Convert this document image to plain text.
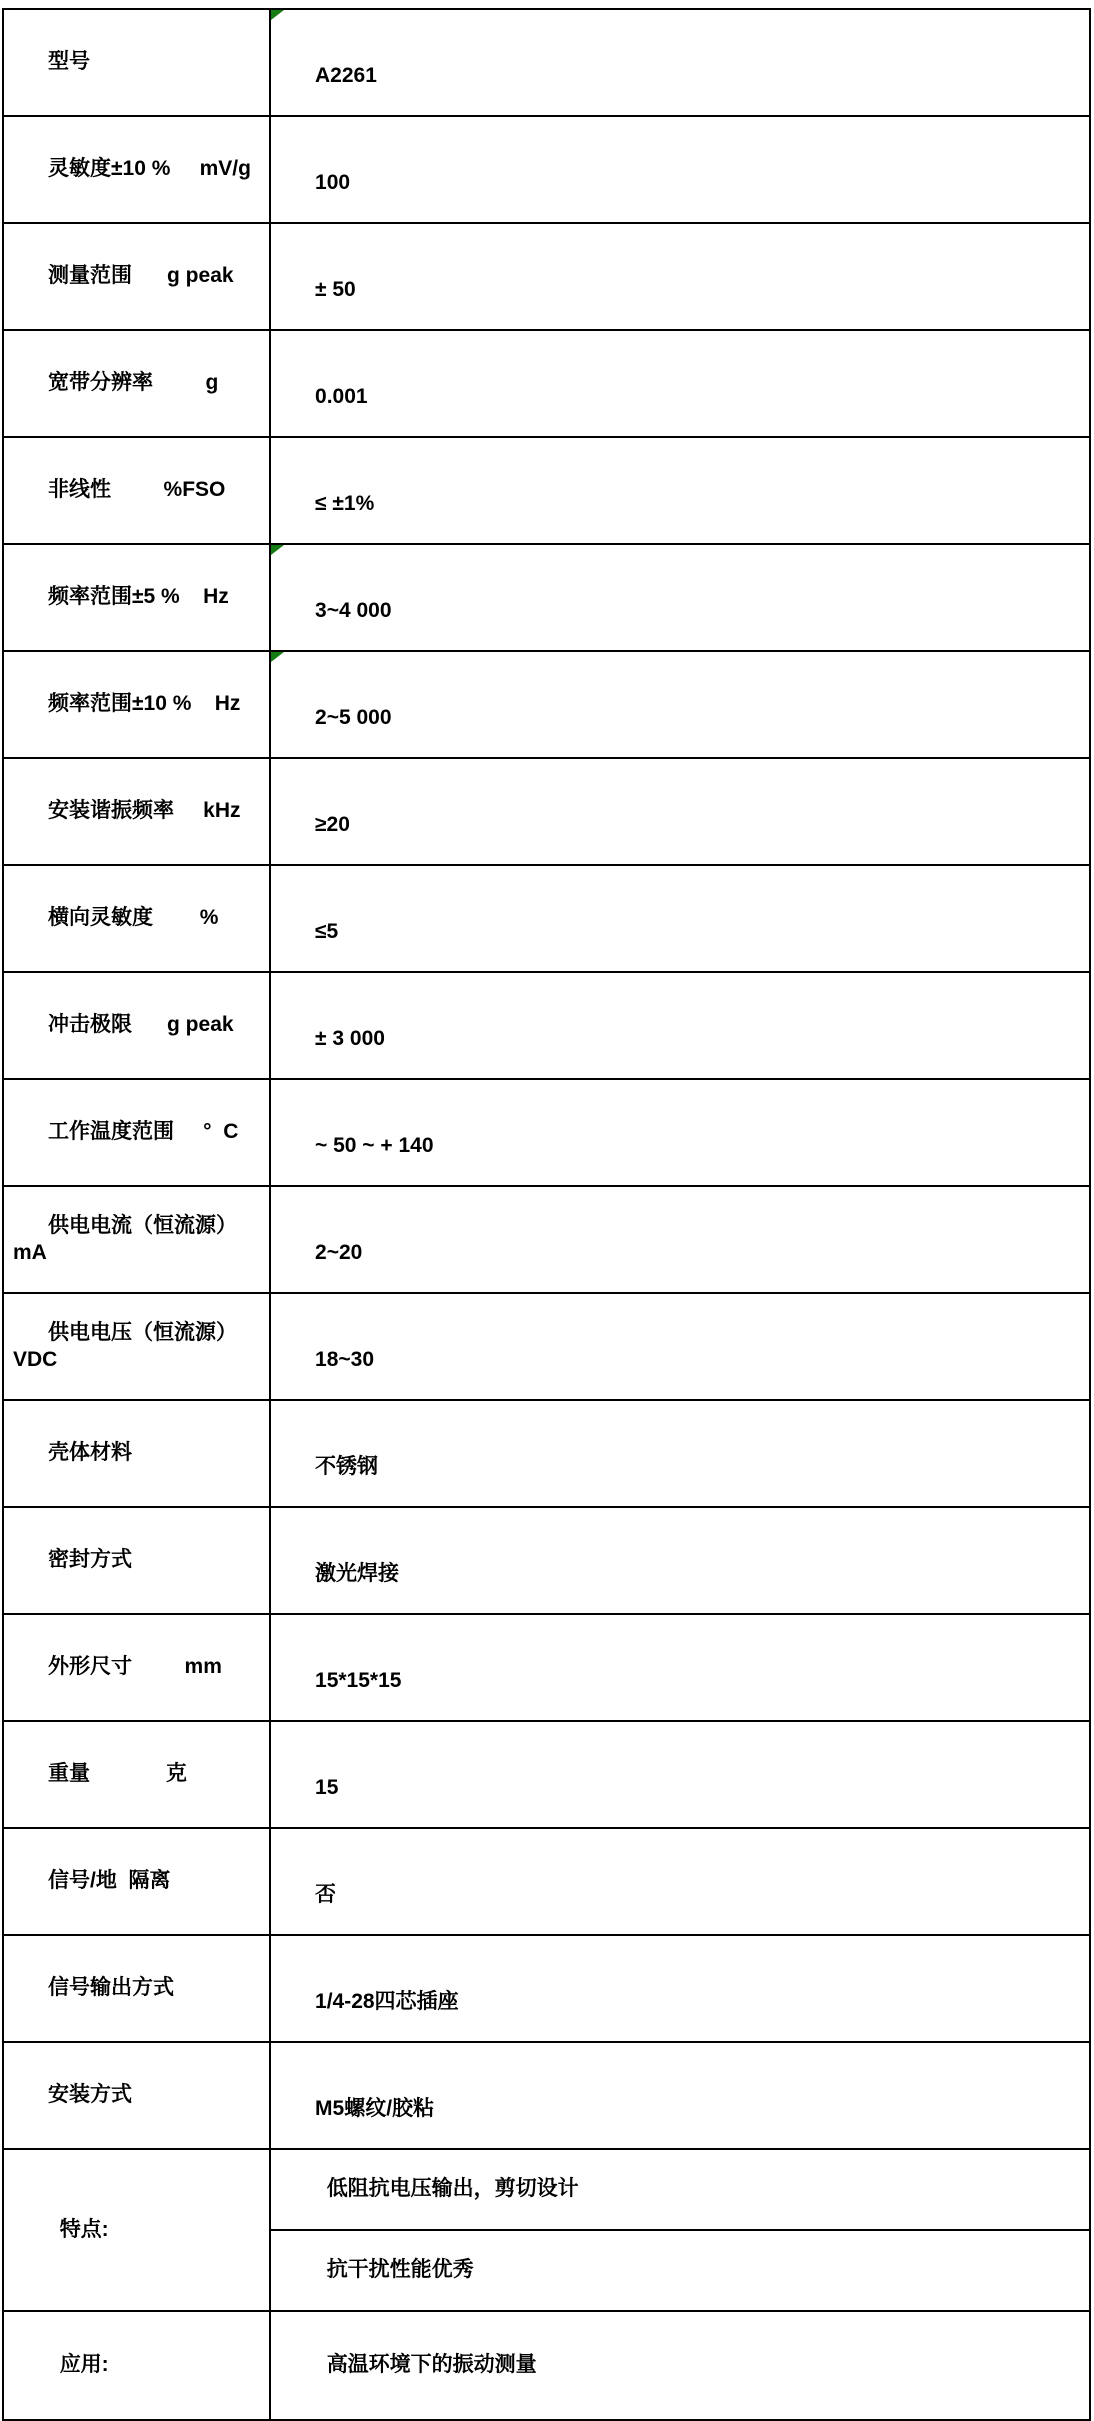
型号	A2261

灵敏度±10 %     mV/g	100

测量范围      g peak	± 50

宽带分辨率         g	0.001

非线性         %FSO	≤ ±1%

频率范围±5 %    Hz	3~4 000

频率范围±10 %    Hz	2~5 000

安装谐振频率     kHz	≥20

横向灵敏度        %	≤5

冲击极限      g peak	± 3 000

工作温度范围     °  C	~ 50 ~ + 140

供电电流（恒流源） mA	2~20

供电电压（恒流源）VDC	18~30

壳体材料	不锈钢

密封方式	激光焊接

外形尺寸         mm	15*15*15

重量             克	15

信号/地  隔离	否

信号输出方式	1/4-28四芯插座

安装方式	M5螺纹/胶粘

特点:	低阻抗电压输出，剪切设计

抗干扰性能优秀

应用:	高温环境下的振动测量
